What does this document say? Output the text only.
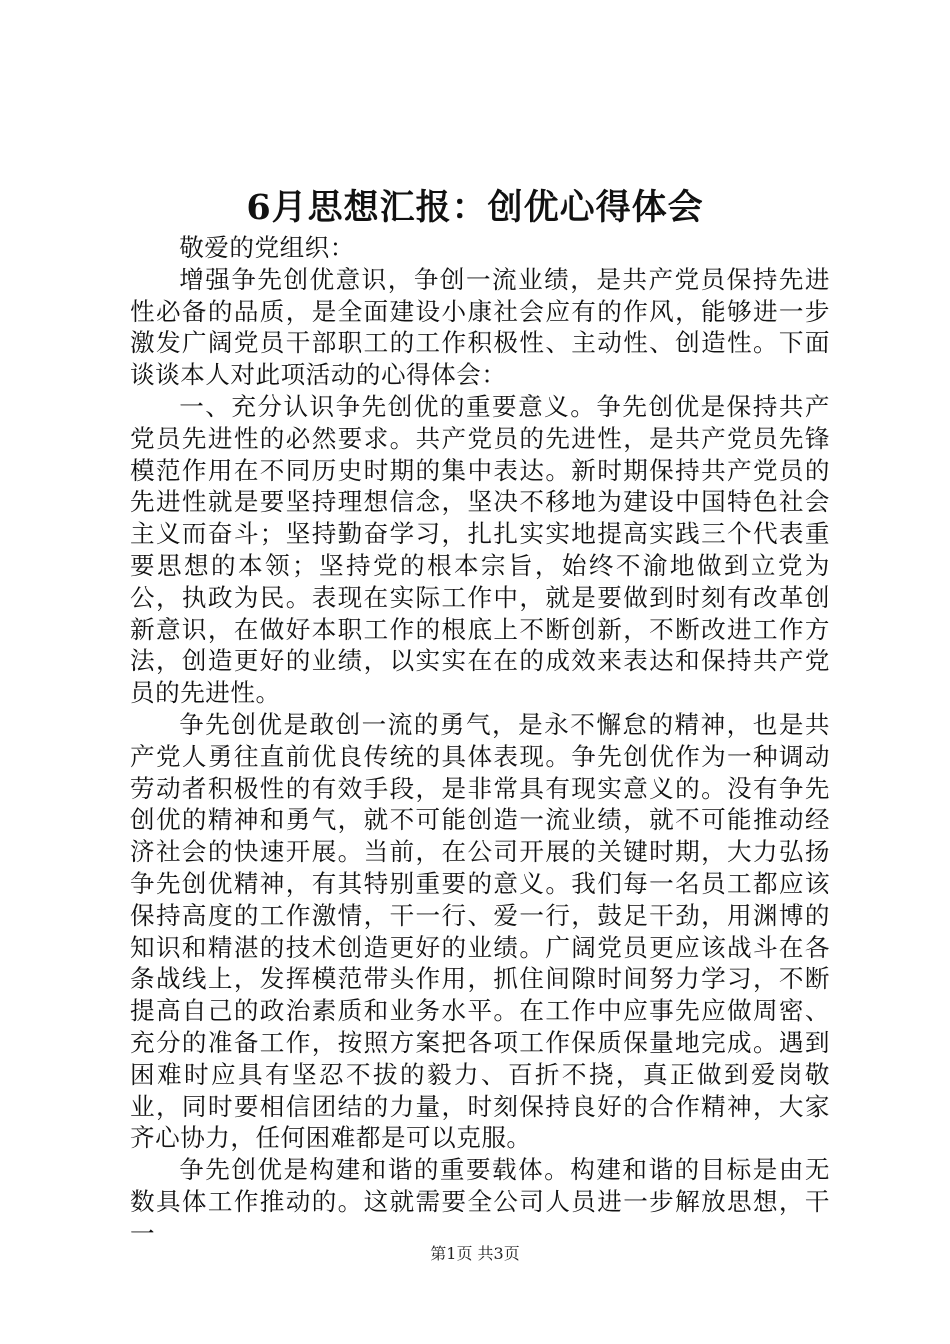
6月思想汇报：创优心得体会

敬爱的党组织：

增强争先创优意识，争创一流业绩，是共产党员保持先进性必备的品质，是全面建设小康社会应有的作风，能够进一步激发广阔党员干部职工的工作积极性、主动性、创造性。下面谈谈本人对此项活动的心得体会：

一、充分认识争先创优的重要意义。争先创优是保持共产党员先进性的必然要求。共产党员的先进性，是共产党员先锋模范作用在不同历史时期的集中表达。新时期保持共产党员的先进性就是要坚持理想信念，坚决不移地为建设中国特色社会主义而奋斗；坚持勤奋学习，扎扎实实地提高实践三个代表重要思想的本领；坚持党的根本宗旨，始终不渝地做到立党为公，执政为民。表现在实际工作中，就是要做到时刻有改革创新意识，在做好本职工作的根底上不断创新，不断改进工作方法，创造更好的业绩，以实实在在的成效来表达和保持共产党员的先进性。

争先创优是敢创一流的勇气，是永不懈怠的精神，也是共产党人勇往直前优良传统的具体表现。争先创优作为一种调动劳动者积极性的有效手段，是非常具有现实意义的。没有争先创优的精神和勇气，就不可能创造一流业绩，就不可能推动经济社会的快速开展。当前，在公司开展的关键时期，大力弘扬争先创优精神，有其特别重要的意义。我们每一名员工都应该保持高度的工作激情，干一行、爱一行，鼓足干劲，用渊博的知识和精湛的技术创造更好的业绩。广阔党员更应该战斗在各条战线上，发挥模范带头作用，抓住间隙时间努力学习，不断提高自己的政治素质和业务水平。在工作中应事先应做周密、充分的准备工作，按照方案把各项工作保质保量地完成。遇到困难时应具有坚忍不拔的毅力、百折不挠，真正做到爱岗敬业，同时要相信团结的力量，时刻保持良好的合作精神，大家齐心协力，任何困难都是可以克服。

争先创优是构建和谐的重要载体。构建和谐的目标是由无数具体工作推动的。这就需要全公司人员进一步解放思想，干一

第1页 共3页
